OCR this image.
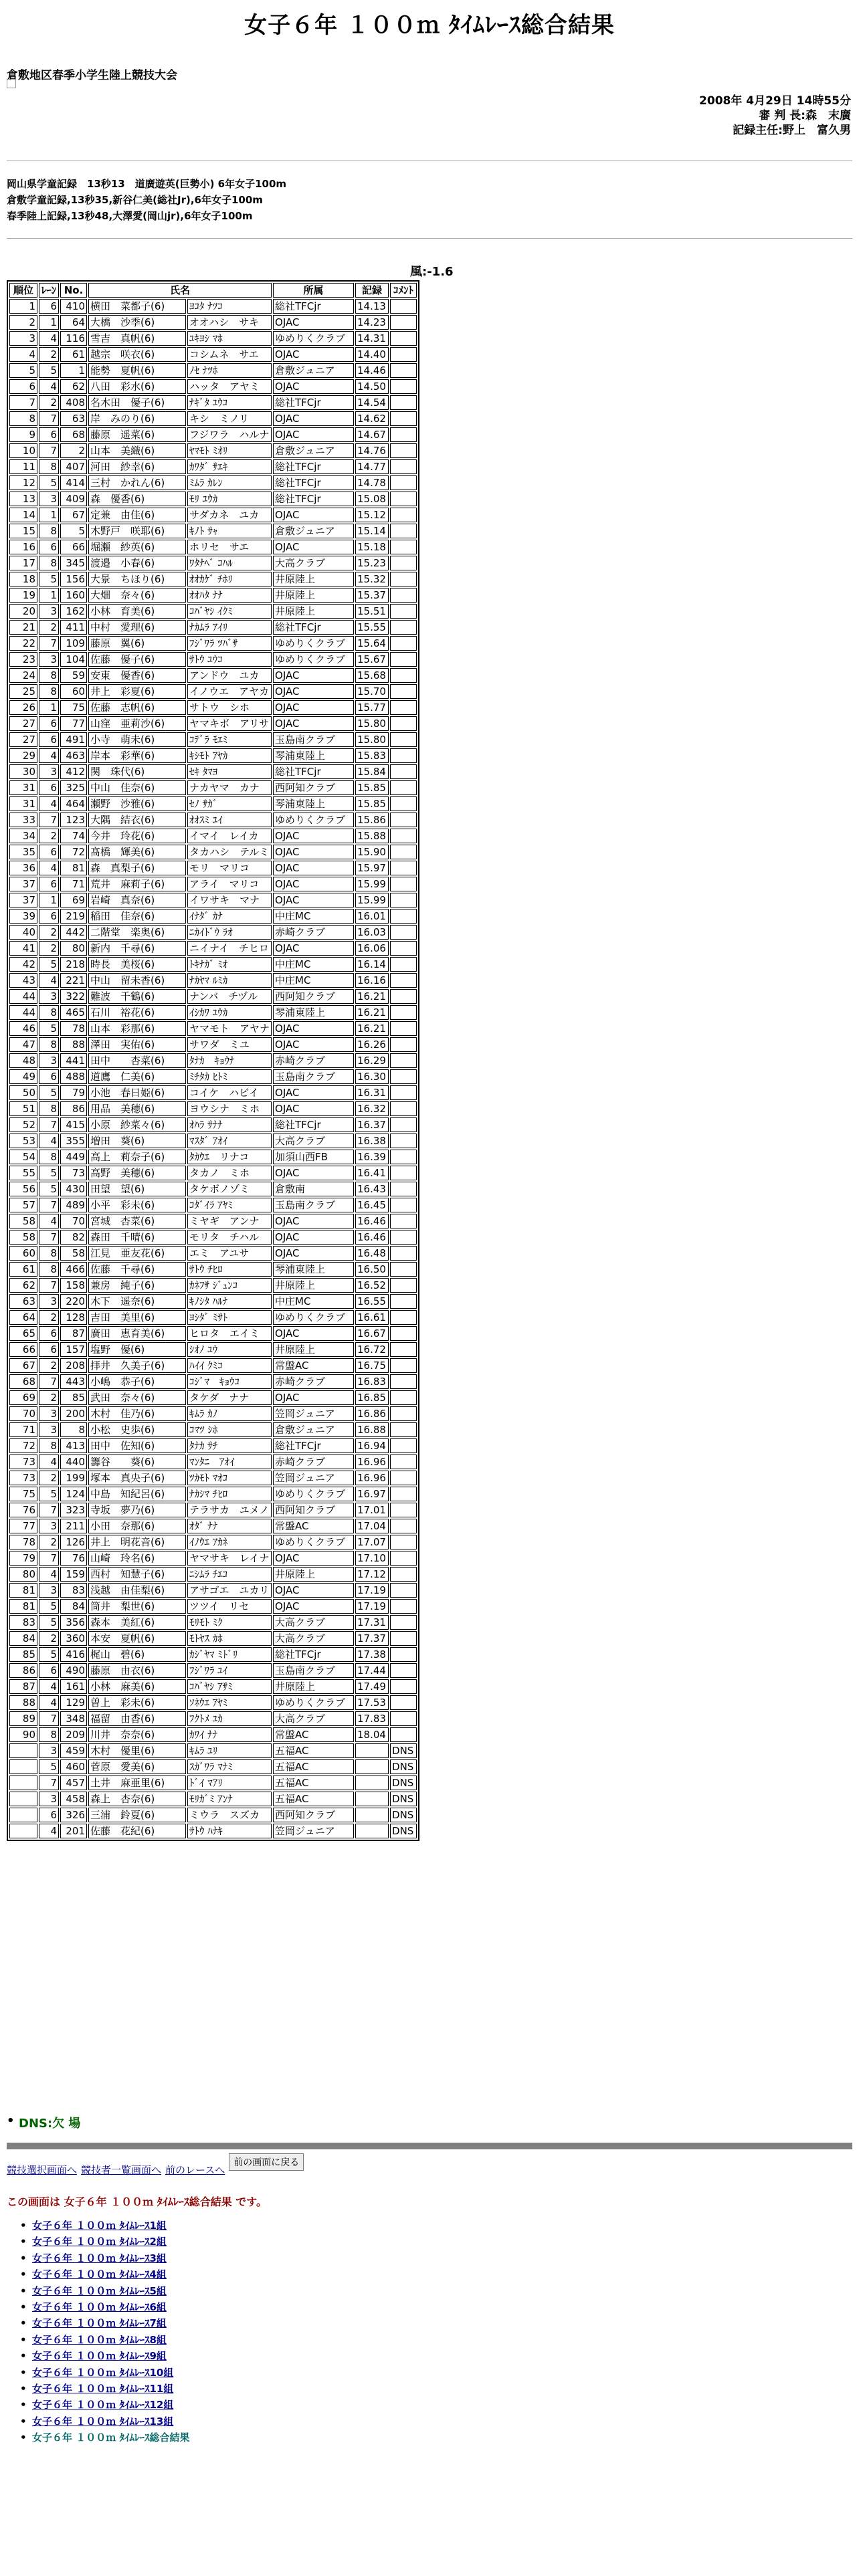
女子６年 １００ｍ ﾀｲﾑﾚｰｽ総合結果
倉敷地区春季小学生陸上競技大会
2008年 4月29日 14時55分
審 判 長:森　末廣
記録主任:野上　富久男
岡山県学童記録　13秒13　道廣遊英(巨勢小) 6年女子100m
倉敷学童記録,13秒35,新谷仁美(総社Jr),6年女子100m
春季陸上記録,13秒48,大澤愛(岡山jr),6年女子100m
風:-1.6
順位	ﾚｰﾝ	No.	氏名		所属	記録	ｺﾒﾝﾄ
1	6	410	横田　菜都子(6)	ﾖｺﾀ ﾅﾂｺ	総社TFCjr	14.13	
2	1	64	大橋　沙季(6)	オオハシ　サキ	OJAC	14.23	
3	4	116	雪吉　真帆(6)	ﾕｷﾖｼ ﾏﾎ	ゆめりくクラブ	14.31	
4	2	61	越宗　咲衣(6)	コシムネ　サエ	OJAC	14.40	
5	5	1	能勢　夏帆(6)	ﾉｾ ﾅﾂﾎ	倉敷ジュニア	14.46	
6	4	62	八田　彩水(6)	ハッタ　アヤミ	OJAC	14.50	
7	2	408	名木田　優子(6)	ﾅｷﾞﾀ ﾕｳｺ	総社TFCjr	14.54	
8	7	63	岸　みのり(6)	キシ　ミノリ	OJAC	14.62	
9	6	68	藤原　遥菜(6)	フジワラ　ハルナ	OJAC	14.67	
10	7	2	山本　美織(6)	ﾔﾏﾓﾄ ﾐｵﾘ	倉敷ジュニア	14.76	
11	8	407	河田　紗幸(6)	ｶﾜﾀﾞ ｻｴｷ	総社TFCjr	14.77	
12	5	414	三村　かれん(6)	ﾐﾑﾗ ｶﾚﾝ	総社TFCjr	14.78	
13	3	409	森　優香(6)	ﾓﾘ ﾕｳｶ	総社TFCjr	15.08	
14	1	67	定兼　由佳(6)	サダカネ　ユカ	OJAC	15.12	
15	8	5	木野戸　咲耶(6)	ｷﾉﾄ ｻｬ	倉敷ジュニア	15.14	
16	6	66	堀瀬　紗英(6)	ホリセ　サエ	OJAC	15.18	
17	8	345	渡邉　小春(6)	ﾜﾀﾅﾍﾞ ｺﾊﾙ	大高クラブ	15.23	
18	5	156	大景　ちほり(6)	ｵｵｶｹﾞ ﾁﾎﾘ	井原陸上	15.32	
19	1	160	大畑　奈々(6)	ｵｵﾊﾀ ﾅﾅ	井原陸上	15.37	
20	3	162	小林　育美(6)	ｺﾊﾞﾔｼ ｲｸﾐ	井原陸上	15.51	
21	2	411	中村　愛理(6)	ﾅｶﾑﾗ ｱｲﾘ	総社TFCjr	15.55	
22	7	109	藤原　翼(6)	ﾌｼﾞﾜﾗ ﾂﾊﾞｻ	ゆめりくクラブ	15.64	
23	3	104	佐藤　優子(6)	ｻﾄｳ ﾕｳｺ	ゆめりくクラブ	15.67	
24	8	59	安東　優香(6)	アンドウ　ユカ	OJAC	15.68	
25	8	60	井上　彩夏(6)	イノウエ　アヤカ	OJAC	15.70	
26	1	75	佐藤　志帆(6)	サトウ　シホ	OJAC	15.77	
27	6	77	山窪　亜莉沙(6)	ヤマキボ　アリサ	OJAC	15.80	
27	6	491	小寺　萌未(6)	ｺﾃﾞﾗ ﾓｴﾐ	玉島南クラブ	15.80	
29	4	463	岸本　彩華(6)	ｷｼﾓﾄ ｱﾔｶ	琴浦東陸上	15.83	
30	3	412	関　珠代(6)	ｾｷ ﾀﾏﾖ	総社TFCjr	15.84	
31	6	325	中山　佳奈(6)	ナカヤマ　カナ	西阿知クラブ	15.85	
31	4	464	瀬野　沙雅(6)	ｾﾉ ｻｶﾞ	琴浦東陸上	15.85	
33	7	123	大隅　結衣(6)	ｵｵｽﾐ ﾕｲ	ゆめりくクラブ	15.86	
34	2	74	今井　玲花(6)	イマイ　レイカ	OJAC	15.88	
35	6	72	髙橋　輝美(6)	タカハシ　テルミ	OJAC	15.90	
36	4	81	森　真梨子(6)	モリ　マリコ	OJAC	15.97	
37	6	71	荒井　麻莉子(6)	アライ　マリコ	OJAC	15.99	
37	1	69	岩崎　真奈(6)	イワサキ　マナ	OJAC	15.99	
39	6	219	稲田　佳奈(6)	ｲﾅﾀﾞ ｶﾅ	中庄MC	16.01	
40	2	442	二階堂　楽奥(6)	ﾆｶｲﾄﾞｳ ﾗｵ	赤崎クラブ	16.03	
41	2	80	新内　千尋(6)	ニイナイ　チヒロ	OJAC	16.06	
42	5	218	時長　美桜(6)	ﾄｷﾅｶﾞ ﾐｵ	中庄MC	16.14	
43	4	221	中山　留未香(6)	ﾅｶﾔﾏ ﾙﾐｶ	中庄MC	16.16	
44	3	322	難波　千鶴(6)	ナンバ　チヅル	西阿知クラブ	16.21	
44	8	465	石川　裕花(6)	ｲｼｶﾜ ﾕｳｶ	琴浦東陸上	16.21	
46	5	78	山本　彩那(6)	ヤマモト　アヤナ	OJAC	16.21	
47	8	88	澤田　実佑(6)	サワダ　ミユ	OJAC	16.26	
48	3	441	田中　　杏菜(6)	ﾀﾅｶ　ｷｮｳﾅ	赤崎クラブ	16.29	
49	6	488	道鷹　仁美(6)	ﾐﾁﾀｶ ﾋﾄﾐ	玉島南クラブ	16.30	
50	5	79	小池　春日姫(6)	コイケ　ハビイ	OJAC	16.31	
51	8	86	用品　美穂(6)	ヨウシナ　ミホ	OJAC	16.32	
52	7	415	小原　紗菜々(6)	ｵﾊﾗ ｻﾅﾅ	総社TFCjr	16.37	
53	4	355	増田　葵(6)	ﾏｽﾀﾞ ｱｵｲ	大高クラブ	16.38	
54	8	449	高上　莉奈子(6)	ﾀｶｳｴ　リナコ	加須山西FB	16.39	
55	5	73	高野　美穂(6)	タカノ　ミホ	OJAC	16.41	
56	5	430	田望　望(6)	タケボノゾミ	倉敷南	16.43	
57	7	489	小平　彩未(6)	ｺﾀﾞｲﾗ ｱﾔﾐ	玉島南クラブ	16.45	
58	4	70	宮城　杏菜(6)	ミヤギ　アンナ	OJAC	16.46	
58	7	82	森田　千晴(6)	モリタ　チハル	OJAC	16.46	
60	8	58	江見　亜友花(6)	エミ　アユサ	OJAC	16.48	
61	8	466	佐藤　千尋(6)	ｻﾄｳ ﾁﾋﾛ	琴浦東陸上	16.50	
62	7	158	兼房　純子(6)	ｶﾈﾌｻ ｼﾞｭﾝｺ	井原陸上	16.52	
63	3	220	木下　遥奈(6)	ｷﾉｼﾀ ﾊﾙﾅ	中庄MC	16.55	
64	2	128	吉田　美里(6)	ﾖｼﾀﾞ ﾐｻﾄ	ゆめりくクラブ	16.61	
65	6	87	廣田　恵育美(6)	ヒロタ　エイミ	OJAC	16.67	
66	6	157	塩野　優(6)	ｼｵﾉ ﾕｳ	井原陸上	16.72	
67	2	208	拝井　久美子(6)	ﾊｲｲ ｸﾐｺ	常盤AC	16.75	
68	7	443	小嶋　恭子(6)	ｺｼﾞﾏ　ｷｮｳｺ	赤崎クラブ	16.83	
69	2	85	武田　奈々(6)	タケダ　ナナ	OJAC	16.85	
70	3	200	木村　佳乃(6)	ｷﾑﾗ ｶﾉ	笠岡ジュニア	16.86	
71	3	8	小松　史歩(6)	ｺﾏﾂ ｼﾎ	倉敷ジュニア	16.88	
72	8	413	田中　佐知(6)	ﾀﾅｶ ｻﾁ	総社TFCjr	16.94	
73	4	440	籌谷　　葵(6)	ﾏﾝﾀﾆ　ｱｵｲ	赤崎クラブ	16.96	
73	2	199	塚本　真央子(6)	ﾂｶﾓﾄ ﾏｵｺ	笠岡ジュニア	16.96	
75	5	124	中島　知紀呂(6)	ﾅｶｼﾏ ﾁﾋﾛ	ゆめりくクラブ	16.97	
76	7	323	寺坂　夢乃(6)	テラサカ　ユメノ	西阿知クラブ	17.01	
77	3	211	小田　奈那(6)	ｵﾀﾞ ﾅﾅ	常盤AC	17.04	
78	2	126	井上　明花音(6)	ｲﾉｳｴ ｱｶﾈ	ゆめりくクラブ	17.07	
79	7	76	山崎　玲名(6)	ヤマサキ　レイナ	OJAC	17.10	
80	4	159	西村　知慧子(6)	ﾆｼﾑﾗ ﾁｴｺ	井原陸上	17.12	
81	3	83	浅越　由佳梨(6)	アサゴエ　ユカリ	OJAC	17.19	
81	5	84	筒井　梨世(6)	ツツイ　リセ	OJAC	17.19	
83	5	356	森本　美紅(6)	ﾓﾘﾓﾄ ﾐｸ	大高クラブ	17.31	
84	2	360	本安　夏帆(6)	ﾓﾄﾔｽ ｶﾎ	大高クラブ	17.37	
85	5	416	梶山　碧(6)	ｶｼﾞﾔﾏ ﾐﾄﾞﾘ	総社TFCjr	17.38	
86	6	490	藤原　由衣(6)	ﾌｼﾞﾜﾗ ﾕｲ	玉島南クラブ	17.44	
87	4	161	小林　麻美(6)	ｺﾊﾞﾔｼ ｱｻﾐ	井原陸上	17.49	
88	4	129	曽上　彩未(6)	ｿﾈｳｴ ｱﾔﾐ	ゆめりくクラブ	17.53	
89	7	348	福留　由香(6)	ﾌｸﾄﾒ ﾕｶ	大高クラブ	17.83	
90	8	209	川井　奈奈(6)	ｶﾜｲ ﾅﾅ	常盤AC	18.04	
	3	459	木村　優里(6)	ｷﾑﾗ ﾕﾘ	五福AC		DNS
	5	460	菅原　愛美(6)	ｽｶﾞﾜﾗ ﾏﾅﾐ	五福AC		DNS
	7	457	土井　麻亜里(6)	ﾄﾞｲ ﾏｱﾘ	五福AC		DNS
	3	458	森上　杏奈(6)	ﾓﾘｶﾞﾐ ｱﾝﾅ	五福AC		DNS
	6	326	三浦　鈴夏(6)	ミウラ　スズカ	西阿知クラブ		DNS
	4	201	佐藤　花紀(6)	ｻﾄｳ ﾊﾅｷ	笠岡ジュニア		DNS
• DNS:欠 場
競技選択画面へ 競技者一覧画面へ 前のレースへ前の画面に戻る
この画面は 女子６年 １００ｍ ﾀｲﾑﾚｰｽ総合結果 です。
• 女子６年 １００ｍ ﾀｲﾑﾚｰｽ1組
• 女子６年 １００ｍ ﾀｲﾑﾚｰｽ2組
• 女子６年 １００ｍ ﾀｲﾑﾚｰｽ3組
• 女子６年 １００ｍ ﾀｲﾑﾚｰｽ4組
• 女子６年 １００ｍ ﾀｲﾑﾚｰｽ5組
• 女子６年 １００ｍ ﾀｲﾑﾚｰｽ6組
• 女子６年 １００ｍ ﾀｲﾑﾚｰｽ7組
• 女子６年 １００ｍ ﾀｲﾑﾚｰｽ8組
• 女子６年 １００ｍ ﾀｲﾑﾚｰｽ9組
• 女子６年 １００ｍ ﾀｲﾑﾚｰｽ10組
• 女子６年 １００ｍ ﾀｲﾑﾚｰｽ11組
• 女子６年 １００ｍ ﾀｲﾑﾚｰｽ12組
• 女子６年 １００ｍ ﾀｲﾑﾚｰｽ13組
• 女子６年 １００ｍ ﾀｲﾑﾚｰｽ総合結果
